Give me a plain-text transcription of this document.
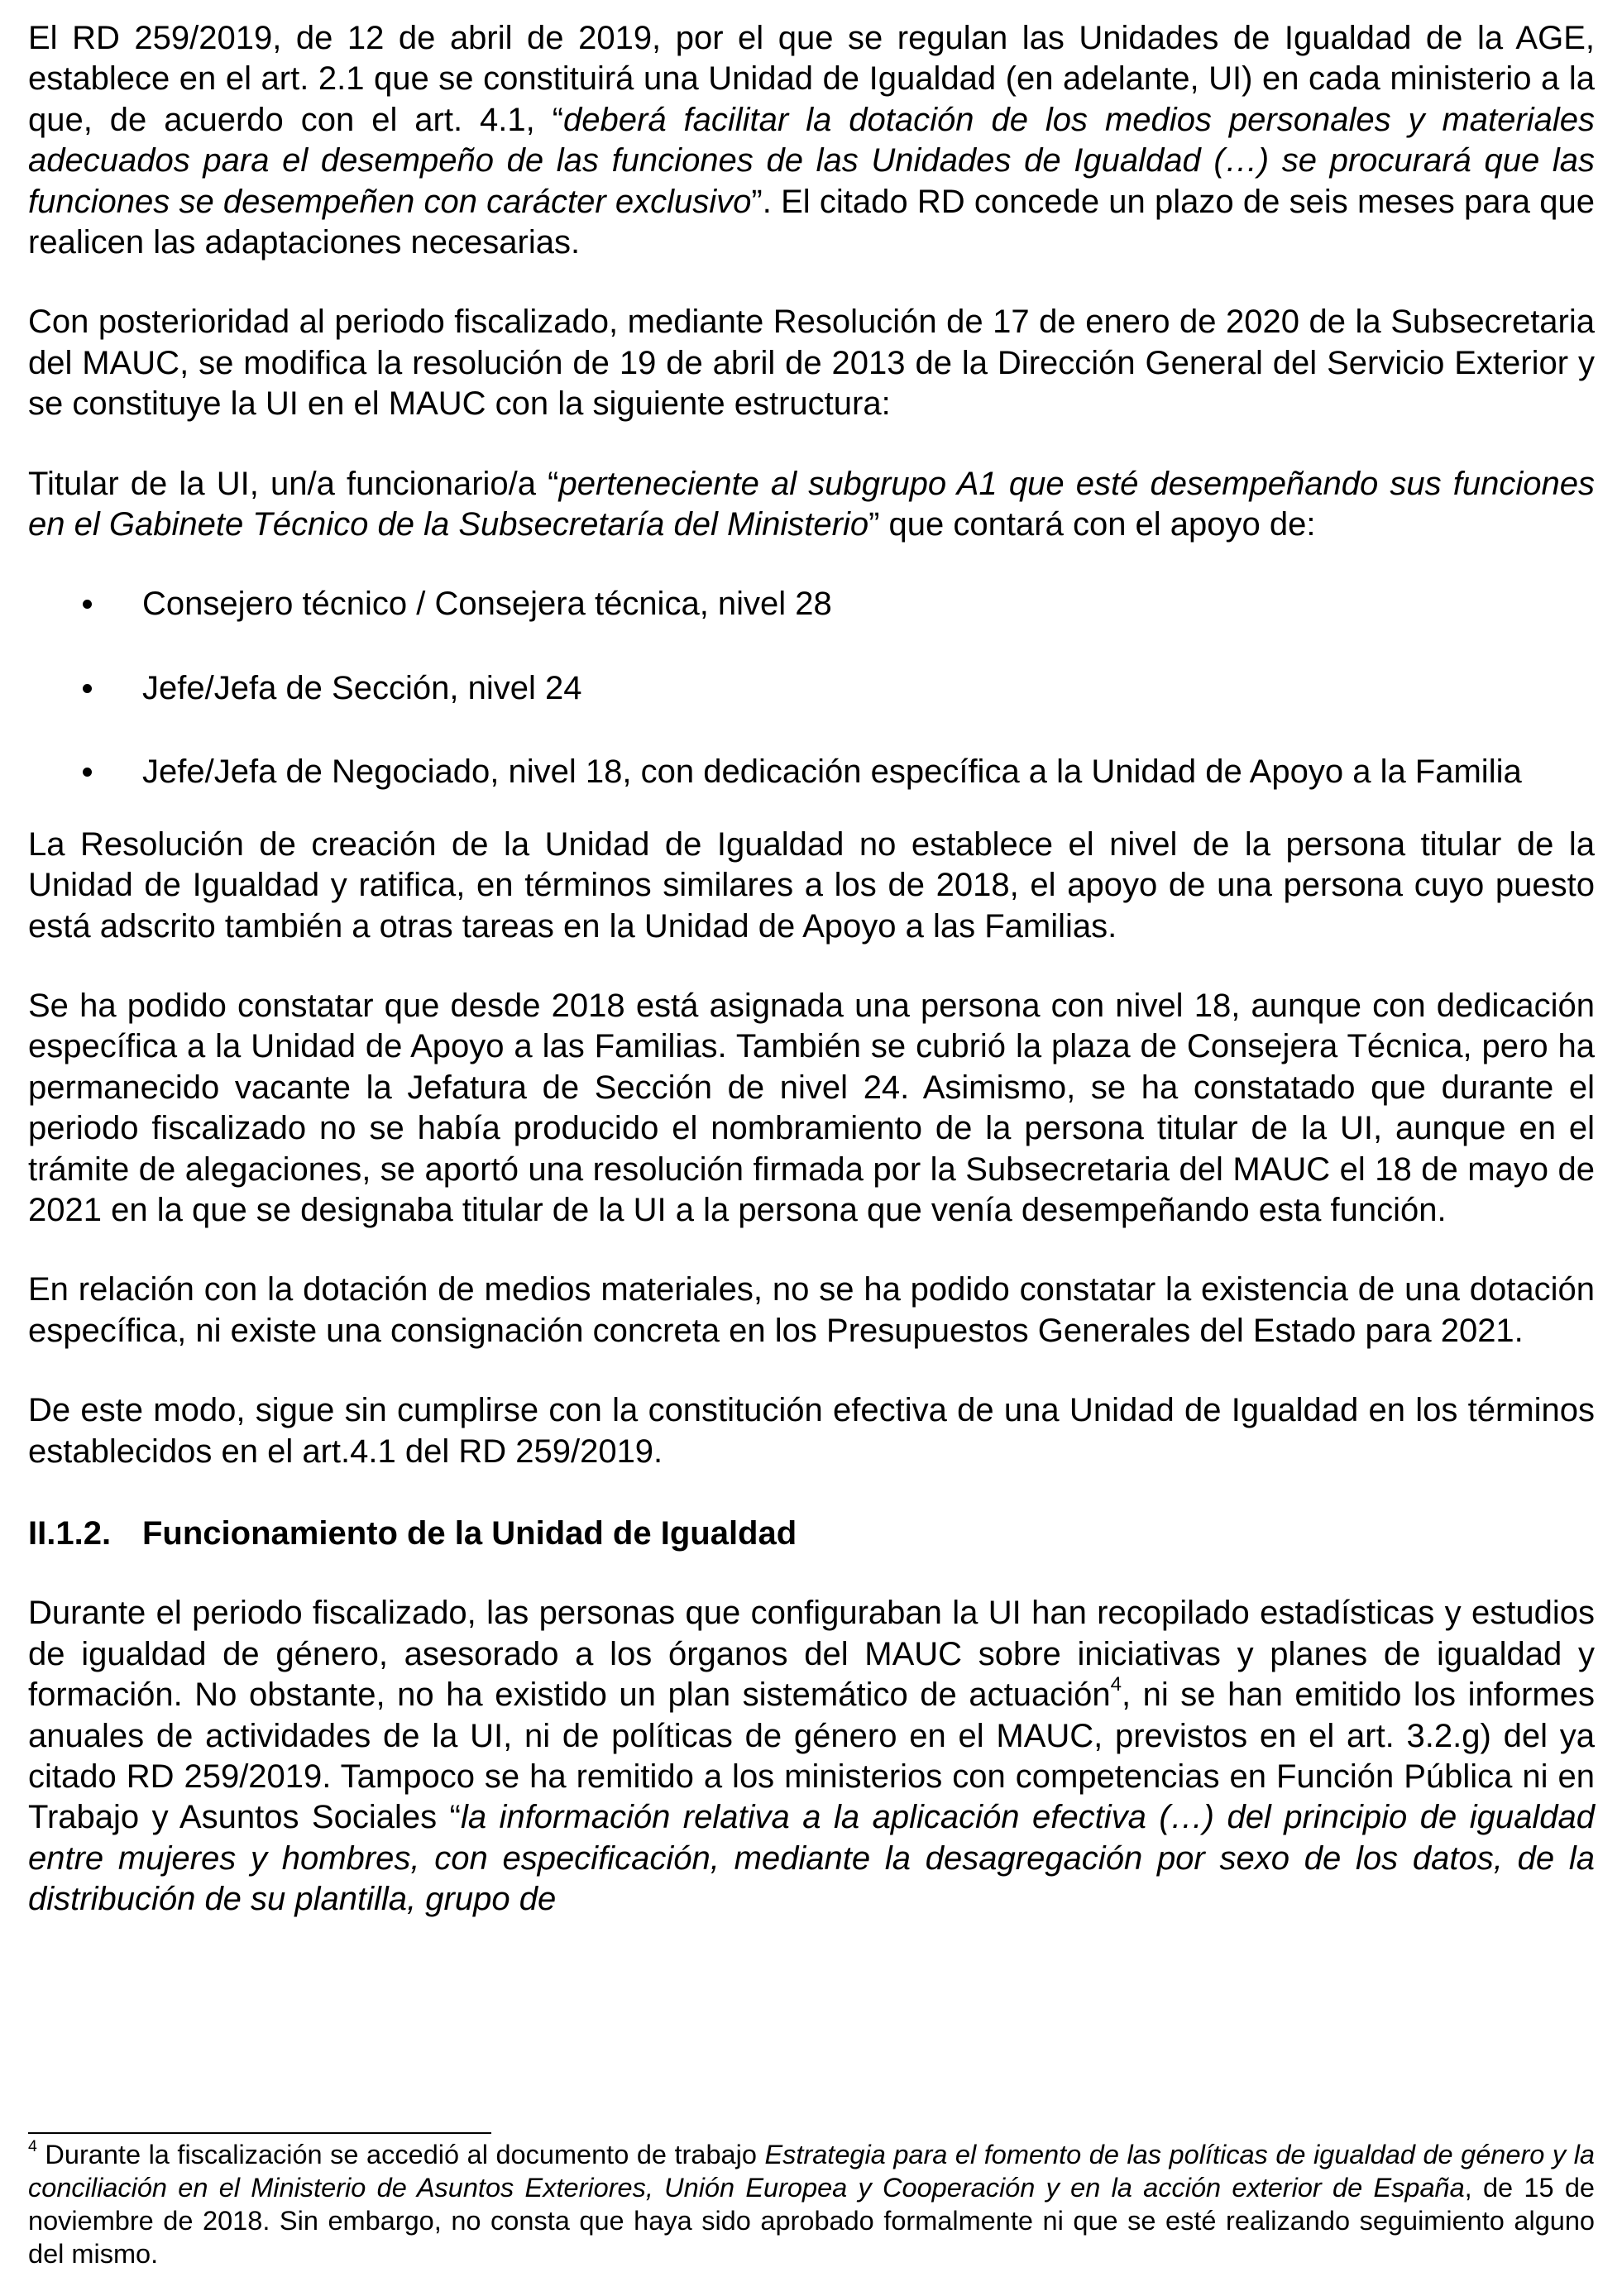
El RD 259/2019, de 12 de abril de 2019, por el que se regulan las Unidades de Igualdad de la AGE, establece en el art. 2.1 que se constituirá una Unidad de Igualdad (en adelante, UI) en cada ministerio a la que, de acuerdo con el art. 4.1, “deberá facilitar la dotación de los medios personales y materiales adecuados para el desempeño de las funciones de las Unidades de Igualdad (…) se procurará que las funciones se desempeñen con carácter exclusivo”. El citado RD concede un plazo de seis meses para que realicen las adaptaciones necesarias.

Con posterioridad al periodo fiscalizado, mediante Resolución de 17 de enero de 2020 de la Subsecretaria del MAUC, se modifica la resolución de 19 de abril de 2013 de la Dirección General del Servicio Exterior y se constituye la UI en el MAUC con la siguiente estructura:

Titular de la UI, un/a funcionario/a “perteneciente al subgrupo A1 que esté desempeñando sus funciones en el Gabinete Técnico de la Subsecretaría del Ministerio” que contará con el apoyo de:

Consejero técnico / Consejera técnica, nivel 28
Jefe/Jefa de Sección, nivel 24
Jefe/Jefa de Negociado, nivel 18, con dedicación específica a la Unidad de Apoyo a la Familia

La Resolución de creación de la Unidad de Igualdad no establece el nivel de la persona titular de la Unidad de Igualdad y ratifica, en términos similares a los de 2018, el apoyo de una persona cuyo puesto está adscrito también a otras tareas en la Unidad de Apoyo a las Familias.

Se ha podido constatar que desde 2018 está asignada una persona con nivel 18, aunque con dedicación específica a la Unidad de Apoyo a las Familias. También se cubrió la plaza de Consejera Técnica, pero ha permanecido vacante la Jefatura de Sección de nivel 24. Asimismo, se ha constatado que durante el periodo fiscalizado no se había producido el nombramiento de la persona titular de la UI, aunque en el trámite de alegaciones, se aportó una resolución firmada por la Subsecretaria del MAUC el 18 de mayo de 2021 en la que se designaba titular de la UI a la persona que venía desempeñando esta función.

En relación con la dotación de medios materiales, no se ha podido constatar la existencia de una dotación específica, ni existe una consignación concreta en los Presupuestos Generales del Estado para 2021.

De este modo, sigue sin cumplirse con la constitución efectiva de una Unidad de Igualdad en los términos establecidos en el art.4.1 del RD 259/2019.

II.1.2. Funcionamiento de la Unidad de Igualdad

Durante el periodo fiscalizado, las personas que configuraban la UI han recopilado estadísticas y estudios de igualdad de género, asesorado a los órganos del MAUC sobre iniciativas y planes de igualdad y formación. No obstante, no ha existido un plan sistemático de actuación$^4$, ni se han emitido los informes anuales de actividades de la UI, ni de políticas de género en el MAUC, previstos en el art. 3.2.g) del ya citado RD 259/2019. Tampoco se ha remitido a los ministerios con competencias en Función Pública ni en Trabajo y Asuntos Sociales “la información relativa a la aplicación efectiva (…) del principio de igualdad entre mujeres y hombres, con especificación, mediante la desagregación por sexo de los datos, de la distribución de su plantilla, grupo de

$^4$ Durante la fiscalización se accedió al documento de trabajo Estrategia para el fomento de las políticas de igualdad de género y la conciliación en el Ministerio de Asuntos Exteriores, Unión Europea y Cooperación y en la acción exterior de España, de 15 de noviembre de 2018. Sin embargo, no consta que haya sido aprobado formalmente ni que se esté realizando seguimiento alguno del mismo.
